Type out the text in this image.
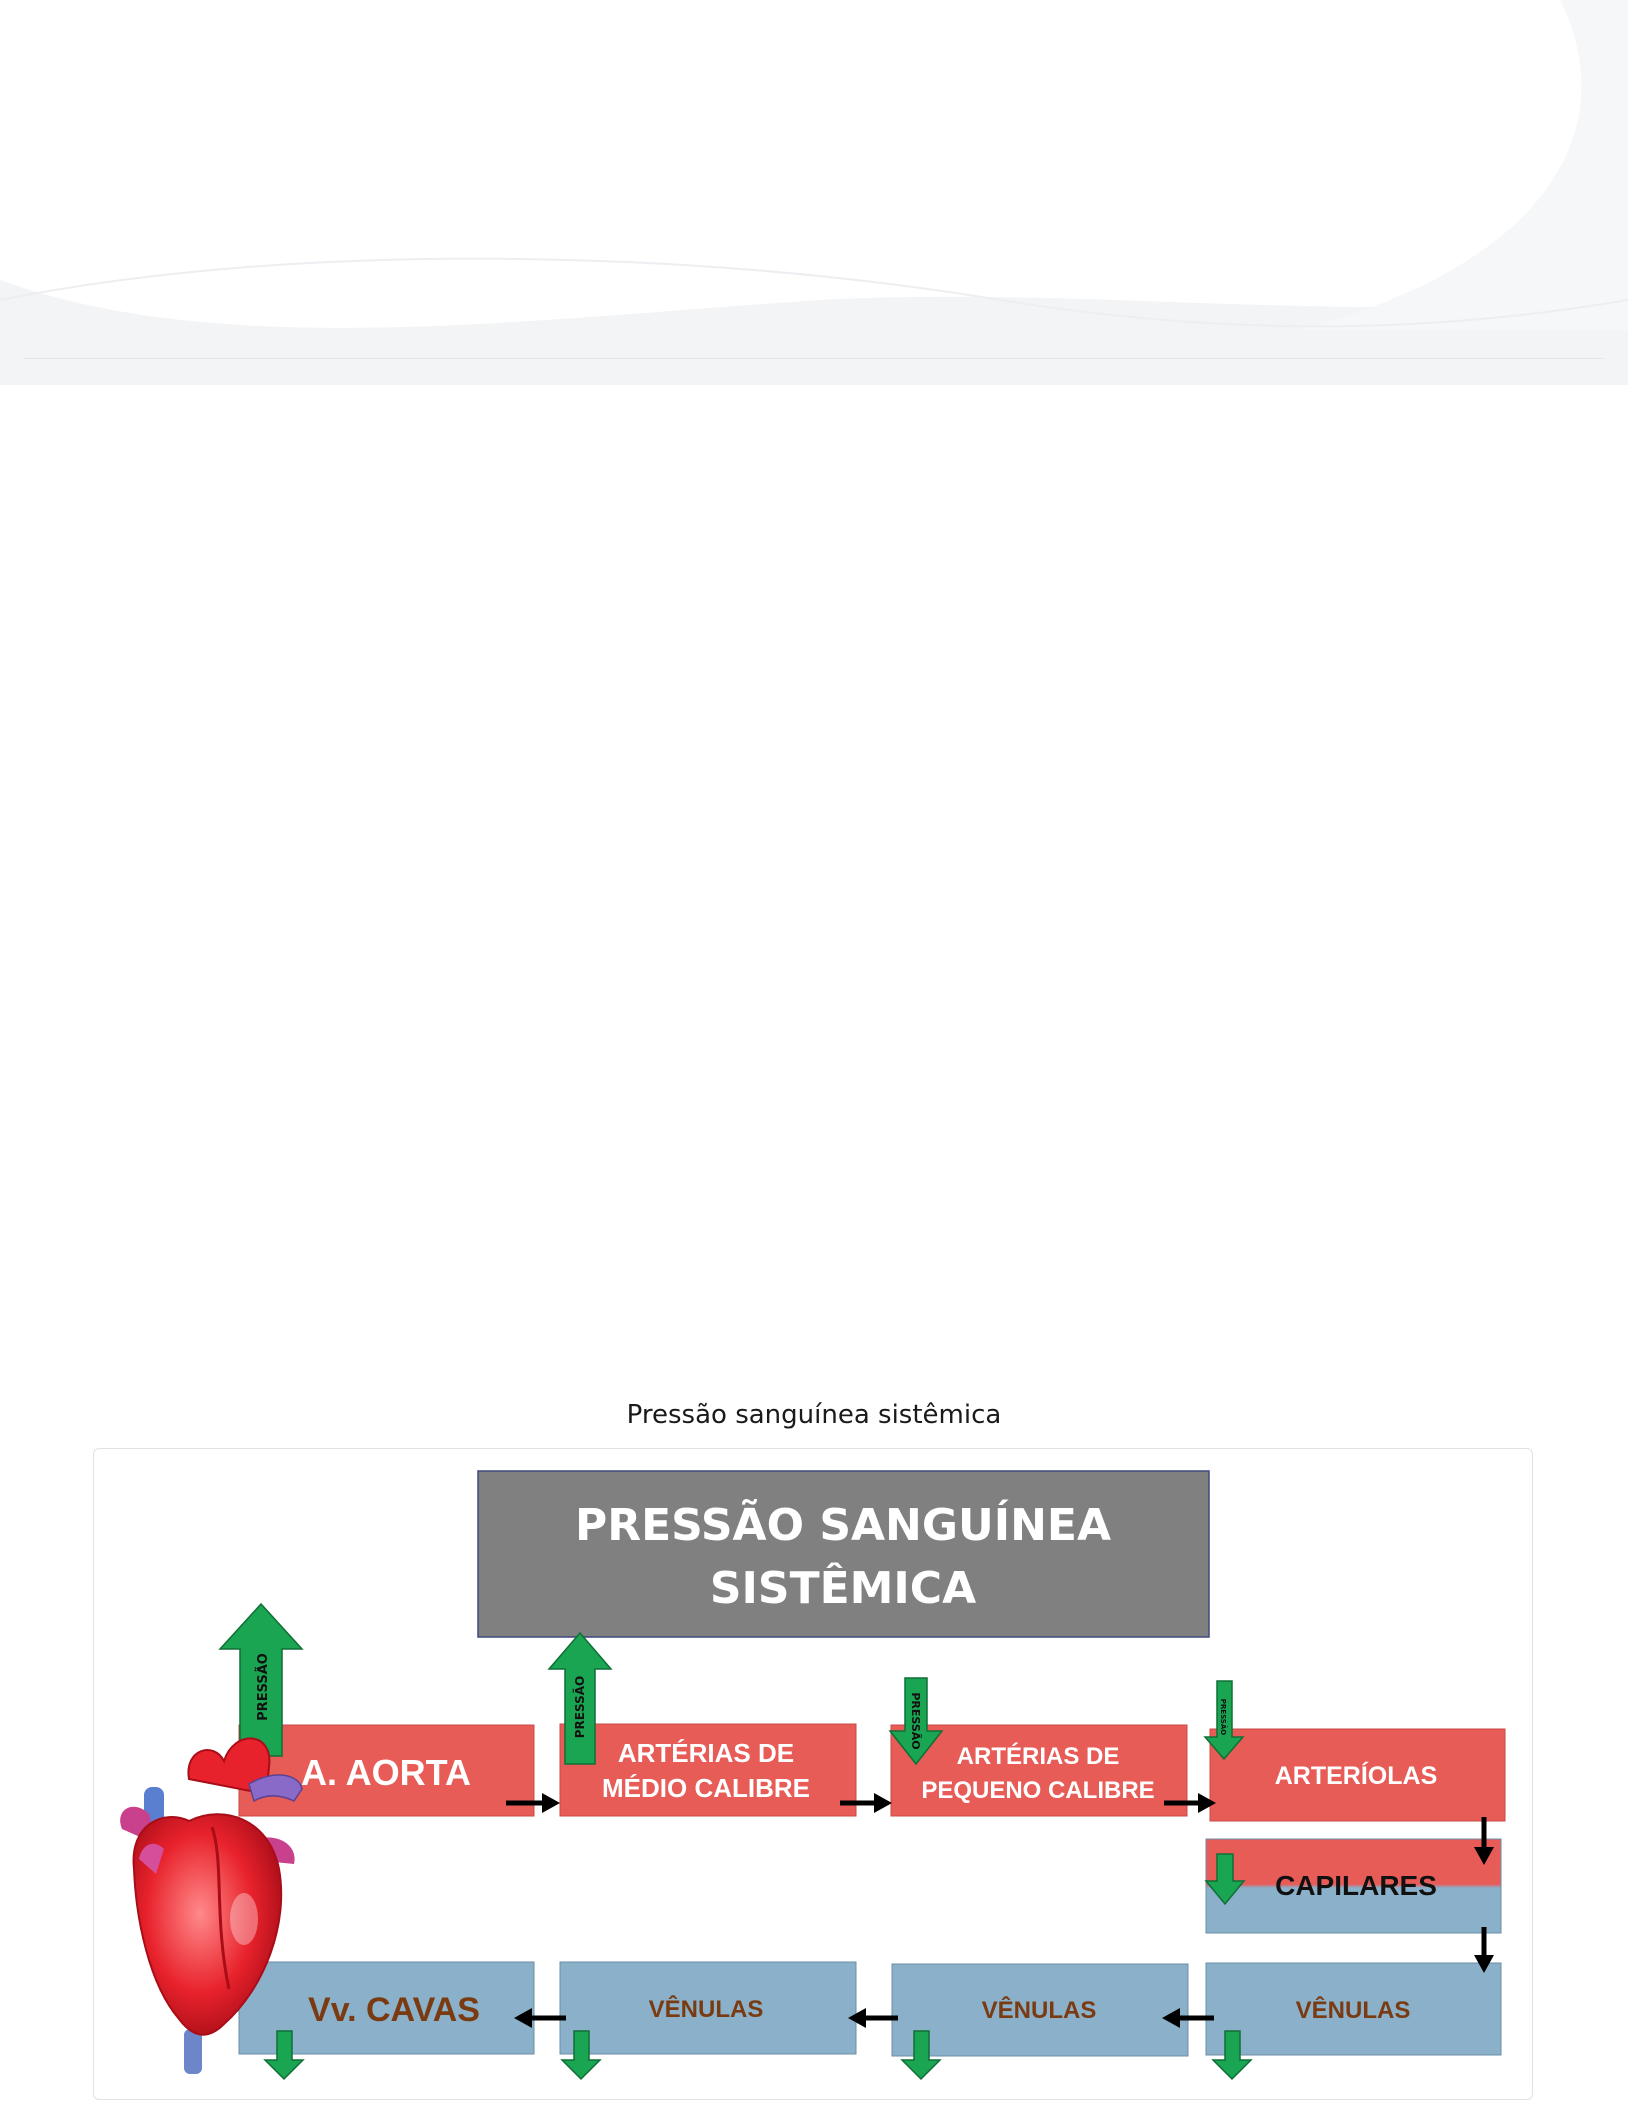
Pressão sanguínea sistêmica
PRESSÃO SANGUÍNEA
SISTÊMICA
A. AORTA	ARTÉRIAS DE
MÉDIO CALIBRE
ARTÉRIAS DE
PEQUENO CALIBRE
ARTERÍOLAS
CAPILARES
Vv. CAVAS	VÊNULAS	VÊNULAS	VÊNULAS
PRESSÃO	PRESSÃO	PRESSÃO	PRESSÃO
